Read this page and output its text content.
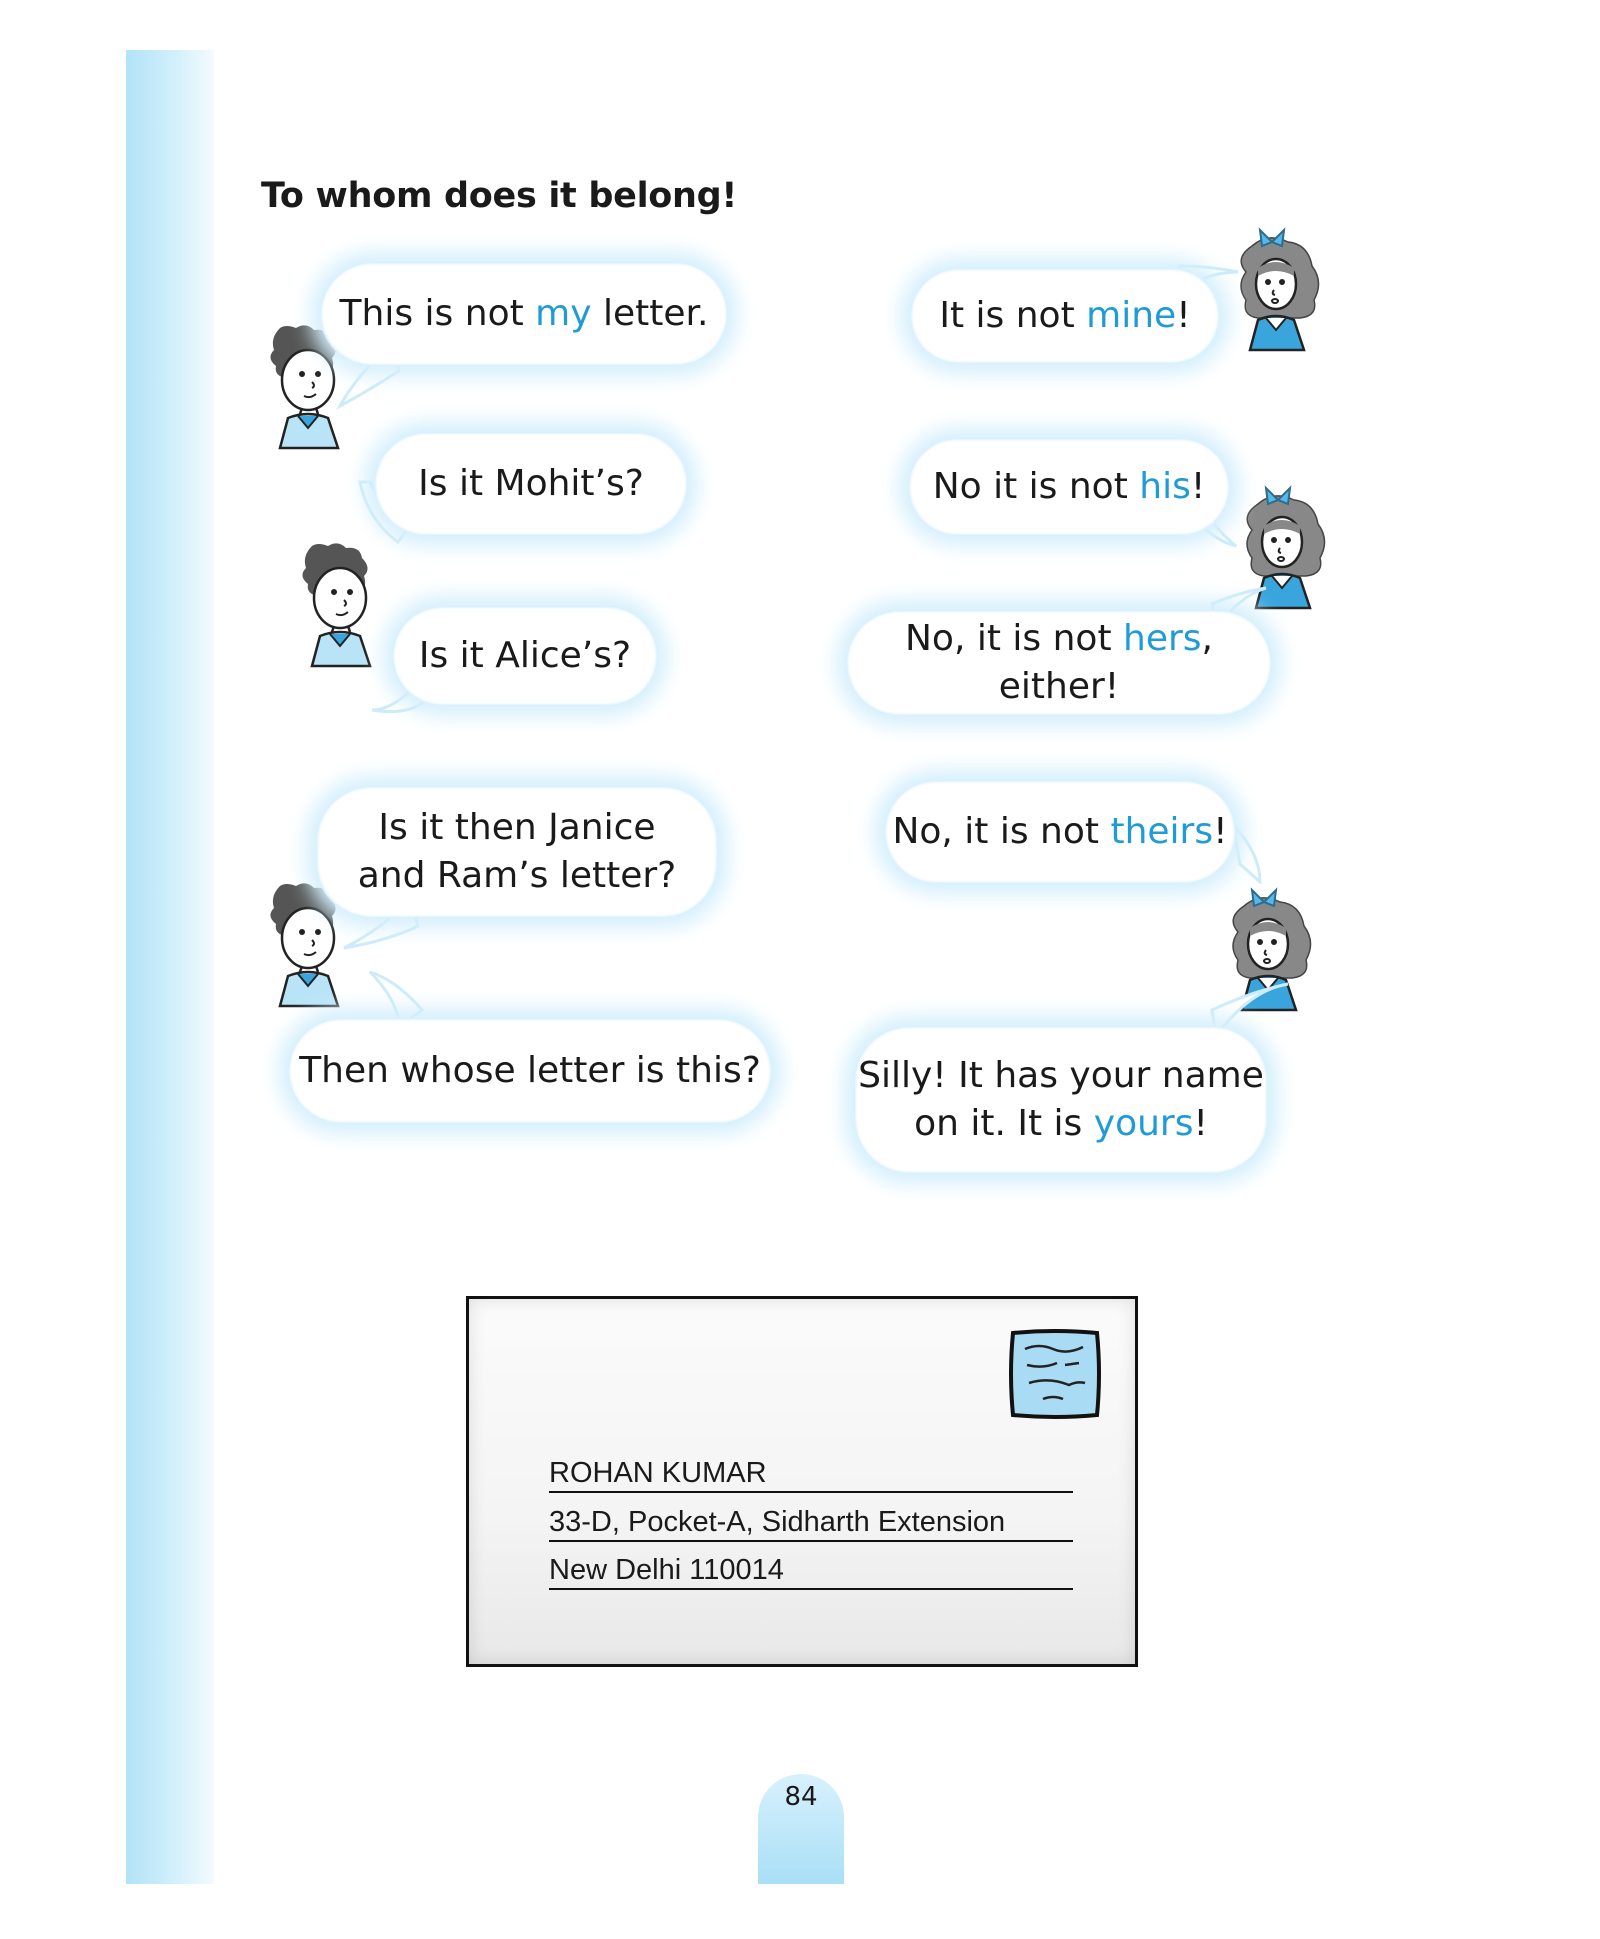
To whom does it belong!
This is not my letter.
Is it Mohit’s?
Is it Alice’s?
Is it then Janice
and Ram’s letter?
Then whose letter is this?
It is not mine!
No it is not his!
No, it is not hers, either!
No, it is not theirs!
Silly! It has your name
on it. It is yours!
ROHAN KUMAR
33-D, Pocket-A, Sidharth Extension
New Delhi 110014
84
